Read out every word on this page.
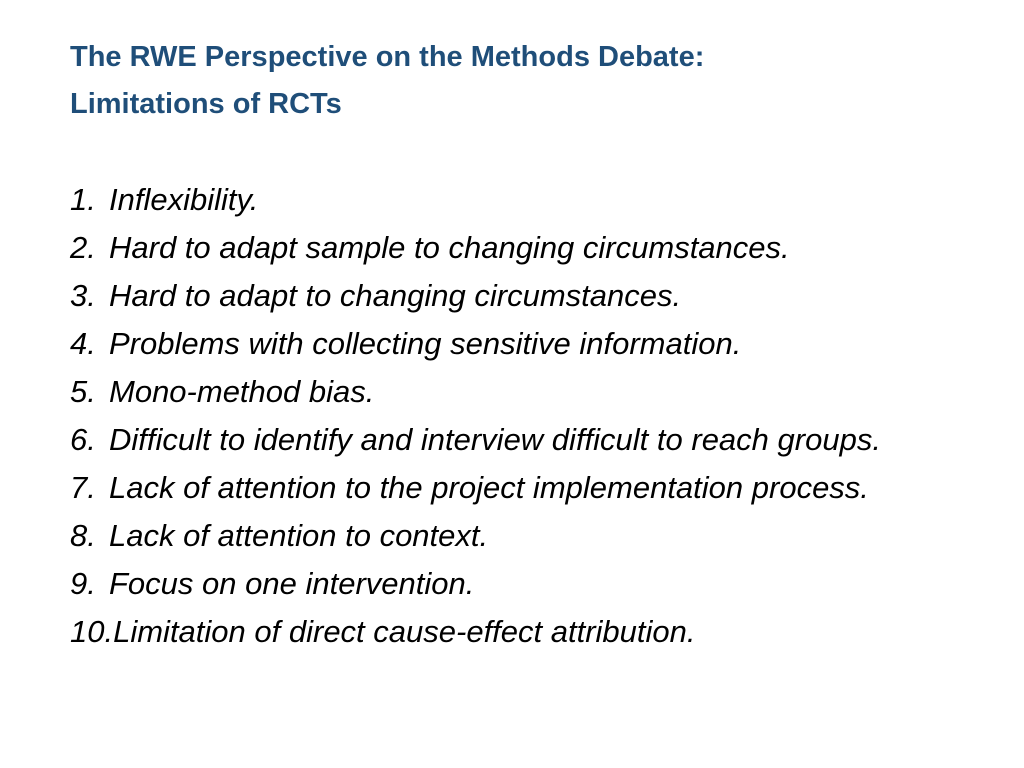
The RWE Perspective on the Methods Debate:
Limitations of RCTs
1. Inflexibility.
2. Hard to adapt sample to changing circumstances.
3. Hard to adapt to changing circumstances.
4. Problems with collecting sensitive information.
5. Mono-method bias.
6. Difficult to identify and interview difficult to reach groups.
7. Lack of attention to the project implementation process.
8. Lack of attention to context.
9. Focus on one intervention.
10. Limitation of direct cause-effect attribution.
